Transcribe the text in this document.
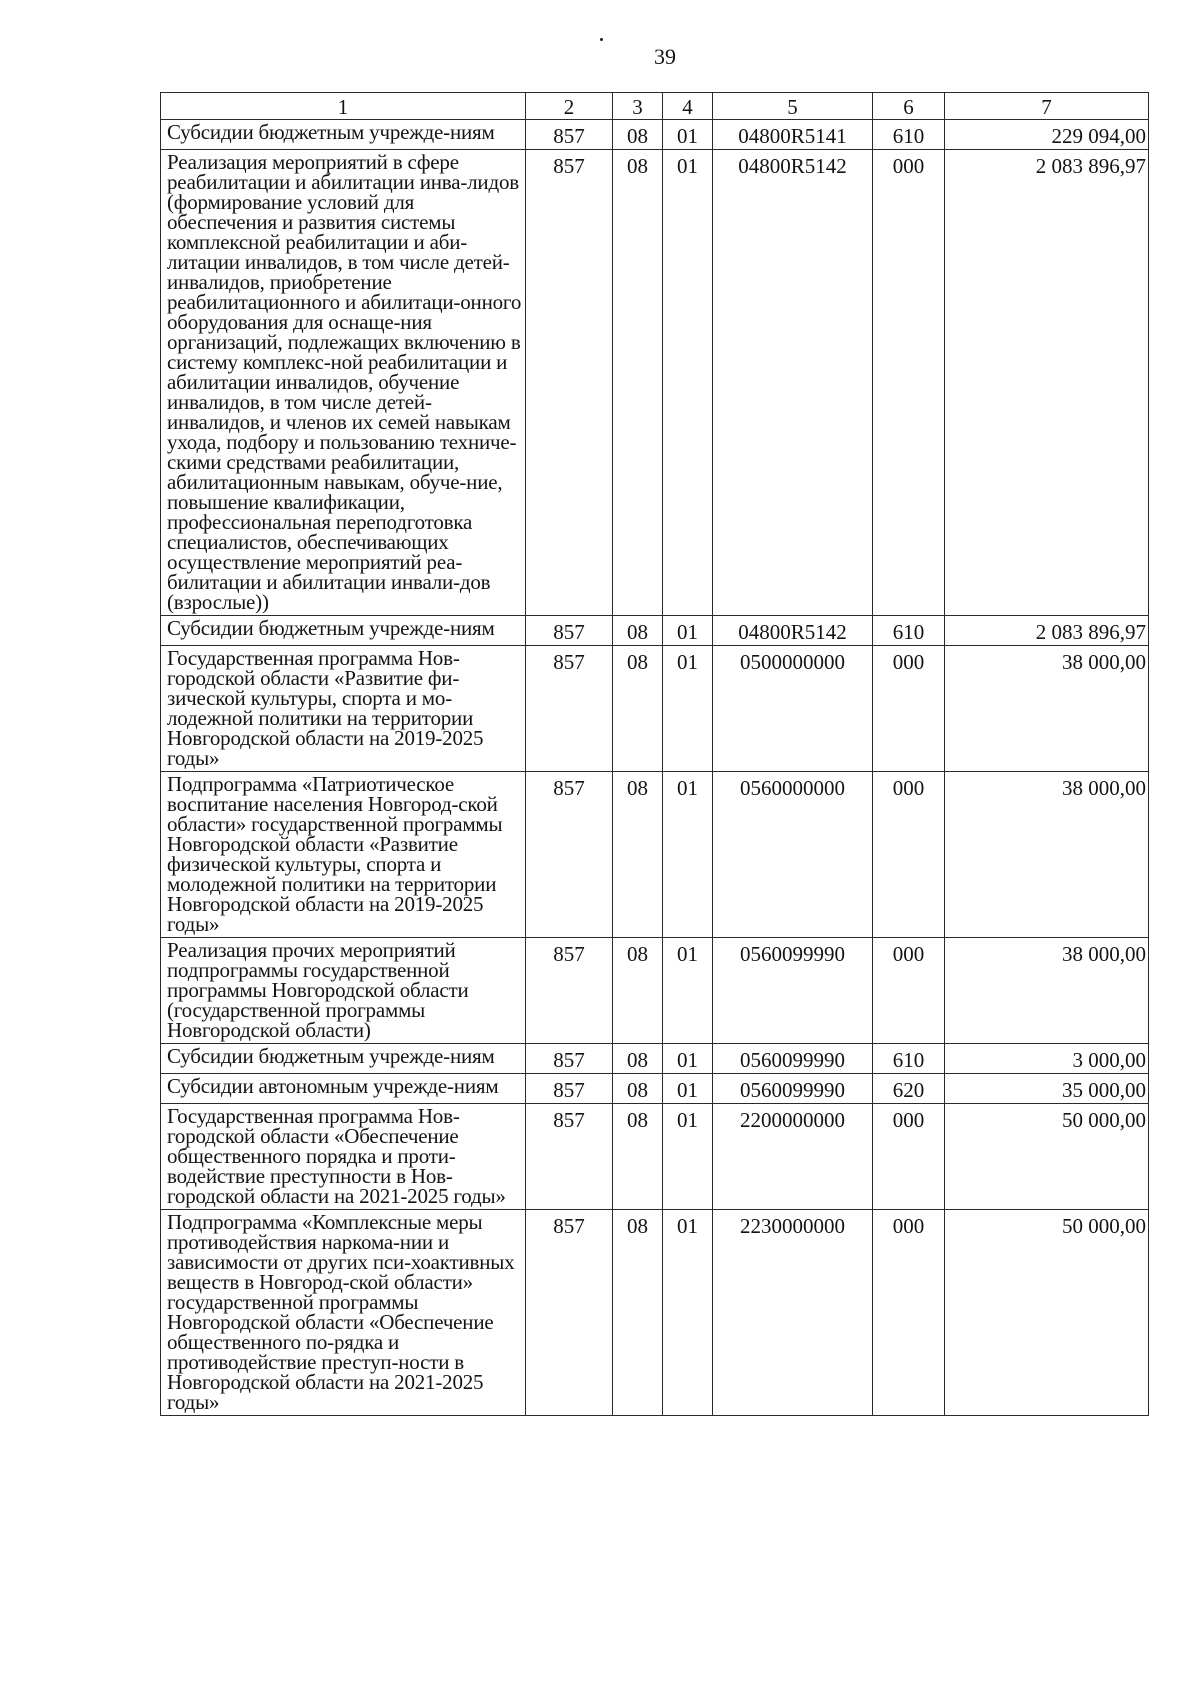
39
1	2	3	4	5	6	7
Субсидии бюджетным учрежде-ниям	857	08	01	04800R5141	610	229 094,00
Реализация мероприятий в сфере реабилитации и абилитации инва-лидов (формирование условий для обеспечения и развития системы комплексной реабилитации и аби-литации инвалидов, в том числе детей-инвалидов, приобретение реабилитационного и абилитаци-онного оборудования для оснаще-ния организаций, подлежащих включению в систему комплекс-ной реабилитации и абилитации инвалидов, обучение инвалидов, в том числе детей-инвалидов, и членов их семей навыкам ухода, подбору и пользованию техниче-скими средствами реабилитации, абилитационным навыкам, обуче-ние, повышение квалификации, профессиональная переподготовка специалистов, обеспечивающих осуществление мероприятий реа-билитации и абилитации инвали-дов (взрослые))	857	08	01	04800R5142	000	2 083 896,97
Субсидии бюджетным учрежде-ниям	857	08	01	04800R5142	610	2 083 896,97
Государственная программа Нов-городской области «Развитие фи-зической культуры, спорта и мо-лодежной политики на территории Новгородской области на 2019-2025 годы»	857	08	01	0500000000	000	38 000,00
Подпрограмма «Патриотическое воспитание населения Новгород-ской области» государственной программы Новгородской области «Развитие физической культуры, спорта и молодежной политики на территории Новгородской области на 2019-2025 годы»	857	08	01	0560000000	000	38 000,00
Реализация прочих мероприятий подпрограммы государственной программы Новгородской области (государственной программы Новгородской области)	857	08	01	0560099990	000	38 000,00
Субсидии бюджетным учрежде-ниям	857	08	01	0560099990	610	3 000,00
Субсидии автономным учрежде-ниям	857	08	01	0560099990	620	35 000,00
Государственная программа Нов-городской области «Обеспечение общественного порядка и проти-водействие преступности в Нов-городской области на 2021-2025 годы»	857	08	01	2200000000	000	50 000,00
Подпрограмма «Комплексные меры противодействия наркома-нии и зависимости от других пси-хоактивных веществ в Новгород-ской области» государственной программы Новгородской области «Обеспечение общественного по-рядка и противодействие преступ-ности в Новгородской области на 2021-2025 годы»	857	08	01	2230000000	000	50 000,00
